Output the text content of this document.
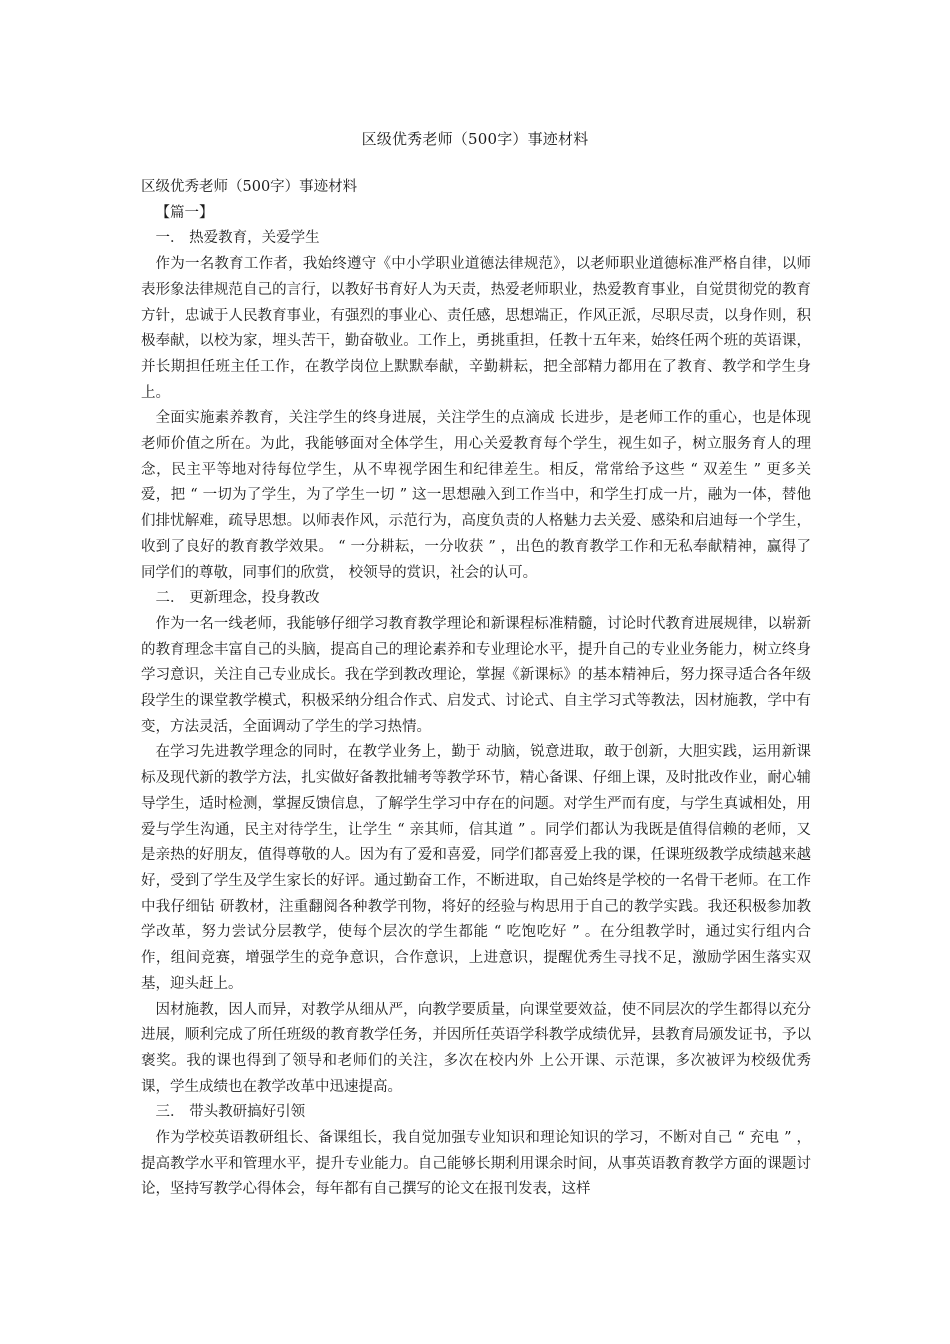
区级优秀老师（500字）事迹材料

区级优秀老师（500字）事迹材料

【篇一】

一． 热爱教育，关爱学生

作为一名教育工作者，我始终遵守《中小学职业道德法律规范》，以老师职业道德标准严格自律，以师表形象法律规范自己的言行，以教好书育好人为天责，热爱老师职业，热爱教育事业，自觉贯彻党的教育方针，忠诚于人民教育事业，有强烈的事业心、责任感，思想端正，作风正派，尽职尽责，以身作则，积极奉献，以校为家，埋头苦干，勤奋敬业。工作上，勇挑重担，任教十五年来，始终任两个班的英语课，并长期担任班主任工作，在教学岗位上默默奉献，辛勤耕耘，把全部精力都用在了教育、教学和学生身上。

全面实施素养教育，关注学生的终身进展，关注学生的点滴成 长进步，是老师工作的重心，也是体现老师价值之所在。为此，我能够面对全体学生，用心关爱教育每个学生，视生如子，树立服务育人的理念，民主平等地对待每位学生，从不卑视学困生和纪律差生。相反，常常给予这些 “ 双差生 ” 更多关爱，把 “ 一切为了学生，为了学生一切 ” 这一思想融入到工作当中，和学生打成一片，融为一体，替他们排忧解难，疏导思想。以师表作风，示范行为，高度负责的人格魅力去关爱、感染和启迪每一个学生，收到了良好的教育教学效果。 “ 一分耕耘，一分收获 ” ，出色的教育教学工作和无私奉献精神，赢得了同学们的尊敬，同事们的欣赏， 校领导的赏识，社会的认可。

二． 更新理念，投身教改

作为一名一线老师，我能够仔细学习教育教学理论和新课程标准精髓，讨论时代教育进展规律，以崭新的教育理念丰富自己的头脑，提高自己的理论素养和专业理论水平，提升自己的专业业务能力，树立终身学习意识，关注自己专业成长。我在学到教改理论，掌握《新课标》的基本精神后，努力探寻适合各年级段学生的课堂教学模式，积极采纳分组合作式、启发式、讨论式、自主学习式等教法，因材施教，学中有变，方法灵活，全面调动了学生的学习热情。

在学习先进教学理念的同时，在教学业务上，勤于 动脑，锐意进取，敢于创新，大胆实践，运用新课标及现代新的教学方法，扎实做好备教批辅考等教学环节，精心备课、仔细上课，及时批改作业，耐心辅导学生，适时检测，掌握反馈信息，了解学生学习中存在的问题。对学生严而有度，与学生真诚相处，用爱与学生沟通，民主对待学生，让学生 “ 亲其师，信其道 ” 。同学们都认为我既是值得信赖的老师，又是亲热的好朋友，值得尊敬的人。因为有了爱和喜爱，同学们都喜爱上我的课，任课班级教学成绩越来越好，受到了学生及学生家长的好评。通过勤奋工作，不断进取，自己始终是学校的一名骨干老师。在工作中我仔细钻 研教材，注重翻阅各种教学刊物，将好的经验与构思用于自己的教学实践。我还积极参加教学改革，努力尝试分层教学，使每个层次的学生都能 “ 吃饱吃好 ” 。在分组教学时，通过实行组内合作，组间竞赛，增强学生的竞争意识，合作意识，上进意识，提醒优秀生寻找不足，激励学困生落实双基，迎头赶上。

因材施教，因人而异，对教学从细从严，向教学要质量，向课堂要效益，使不同层次的学生都得以充分进展，顺利完成了所任班级的教育教学任务，并因所任英语学科教学成绩优异，县教育局颁发证书，予以褒奖。我的课也得到了领导和老师们的关注，多次在校内外 上公开课、示范课，多次被评为校级优秀课，学生成绩也在教学改革中迅速提高。

三． 带头教研搞好引领

作为学校英语教研组长、备课组长，我自觉加强专业知识和理论知识的学习，不断对自己 “ 充电 ” ，提高教学水平和管理水平，提升专业能力。自己能够长期利用课余时间，从事英语教育教学方面的课题讨论，坚持写教学心得体会，每年都有自己撰写的论文在报刊发表，这样
